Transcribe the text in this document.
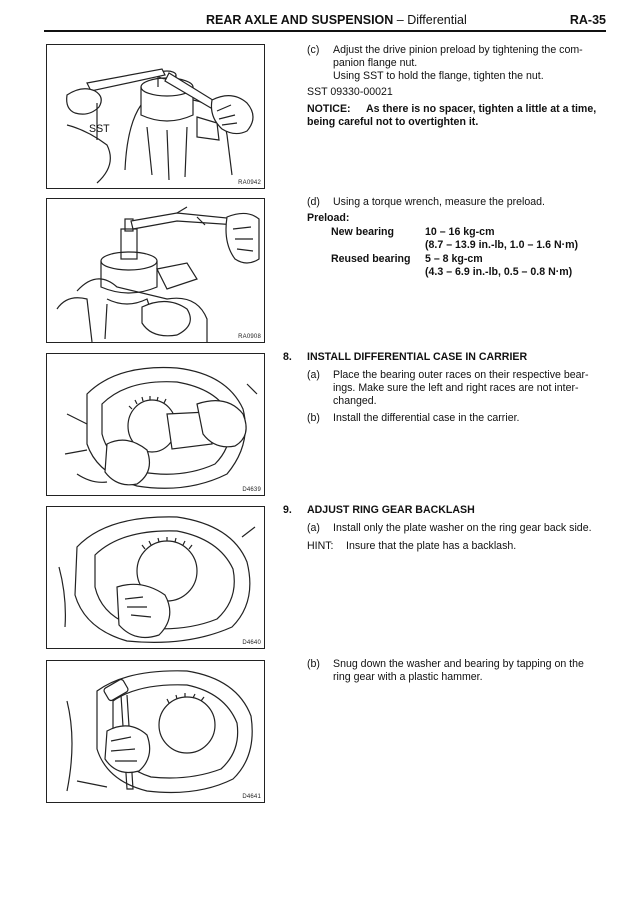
REAR AXLE AND SUSPENSION – Differential	RA-35
SST
RA0942
RA0908
D4639
D4640
D4641
(c) Adjust the drive pinion preload by tightening the com-
panion flange nut.
Using SST to hold the flange, tighten the nut.
SST 09330-00021
NOTICE: As there is no spacer, tighten a little at a time,
being careful not to overtighten it.
(d) Using a torque wrench, measure the preload.
Preload:
New bearing	10 – 16 kg-cm
(8.7 – 13.9 in.-lb, 1.0 – 1.6 N·m)
Reused bearing 5 – 8 kg-cm
(4.3 – 6.9 in.-lb, 0.5 – 0.8 N·m)
8. INSTALL DIFFERENTIAL CASE IN CARRIER
(a) Place the bearing outer races on their respective bear-
ings. Make sure the left and right races are not inter-
changed.
(b) Install the differential case in the carrier.
9. ADJUST RING GEAR BACKLASH
(a) Install only the plate washer on the ring gear back side.
HINT: Insure that the plate has a backlash.
(b) Snug down the washer and bearing by tapping on the
ring gear with a plastic hammer.
